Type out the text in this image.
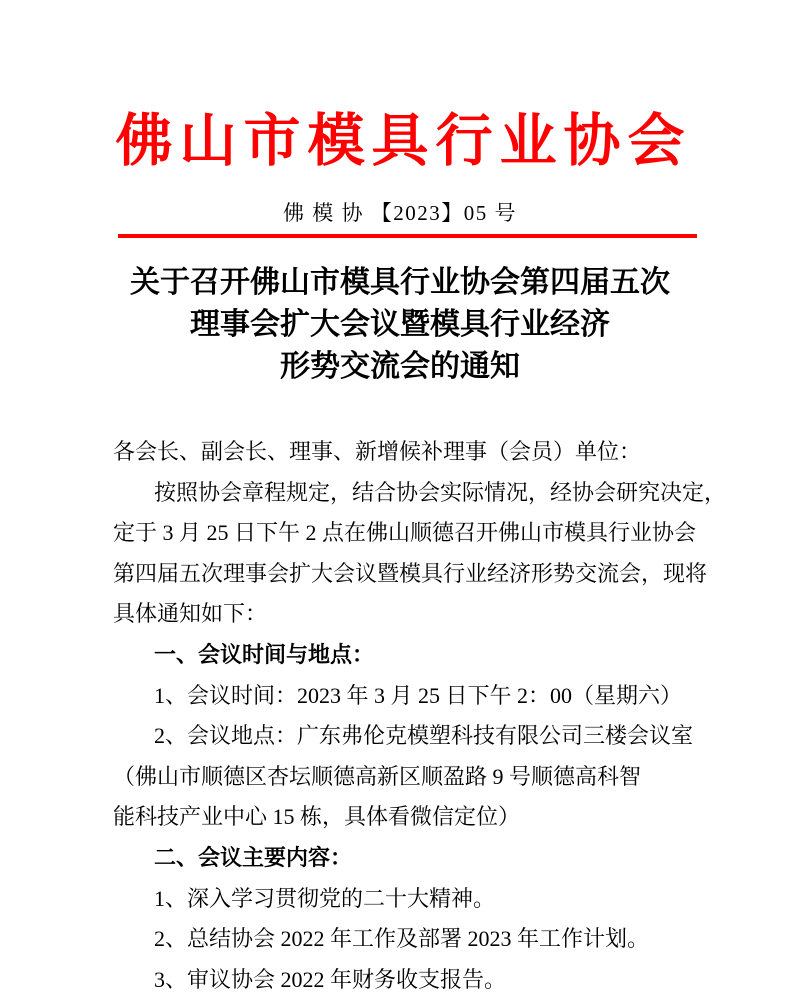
佛山市模具行业协会
佛 模 协 【2023】05 号
关于召开佛山市模具行业协会第四届五次
理事会扩大会议暨模具行业经济
形势交流会的通知
各会长、副会长、理事、新增候补理事（会员）单位：
按照协会章程规定，结合协会实际情况，经协会研究决定，
定于 3 月 25 日下午 2 点在佛山顺德召开佛山市模具行业协会
第四届五次理事会扩大会议暨模具行业经济形势交流会，现将
具体通知如下：
一、会议时间与地点：
1、会议时间：2023 年 3 月 25 日下午 2：00（星期六）
2、会议地点：广东弗伦克模塑科技有限公司三楼会议室
（佛山市顺德区杏坛顺德高新区顺盈路 9 号顺德高科智
能科技产业中心 15 栋，具体看微信定位）
二、会议主要内容：
1、深入学习贯彻党的二十大精神。
2、总结协会 2022 年工作及部署 2023 年工作计划。
3、审议协会 2022 年财务收支报告。
